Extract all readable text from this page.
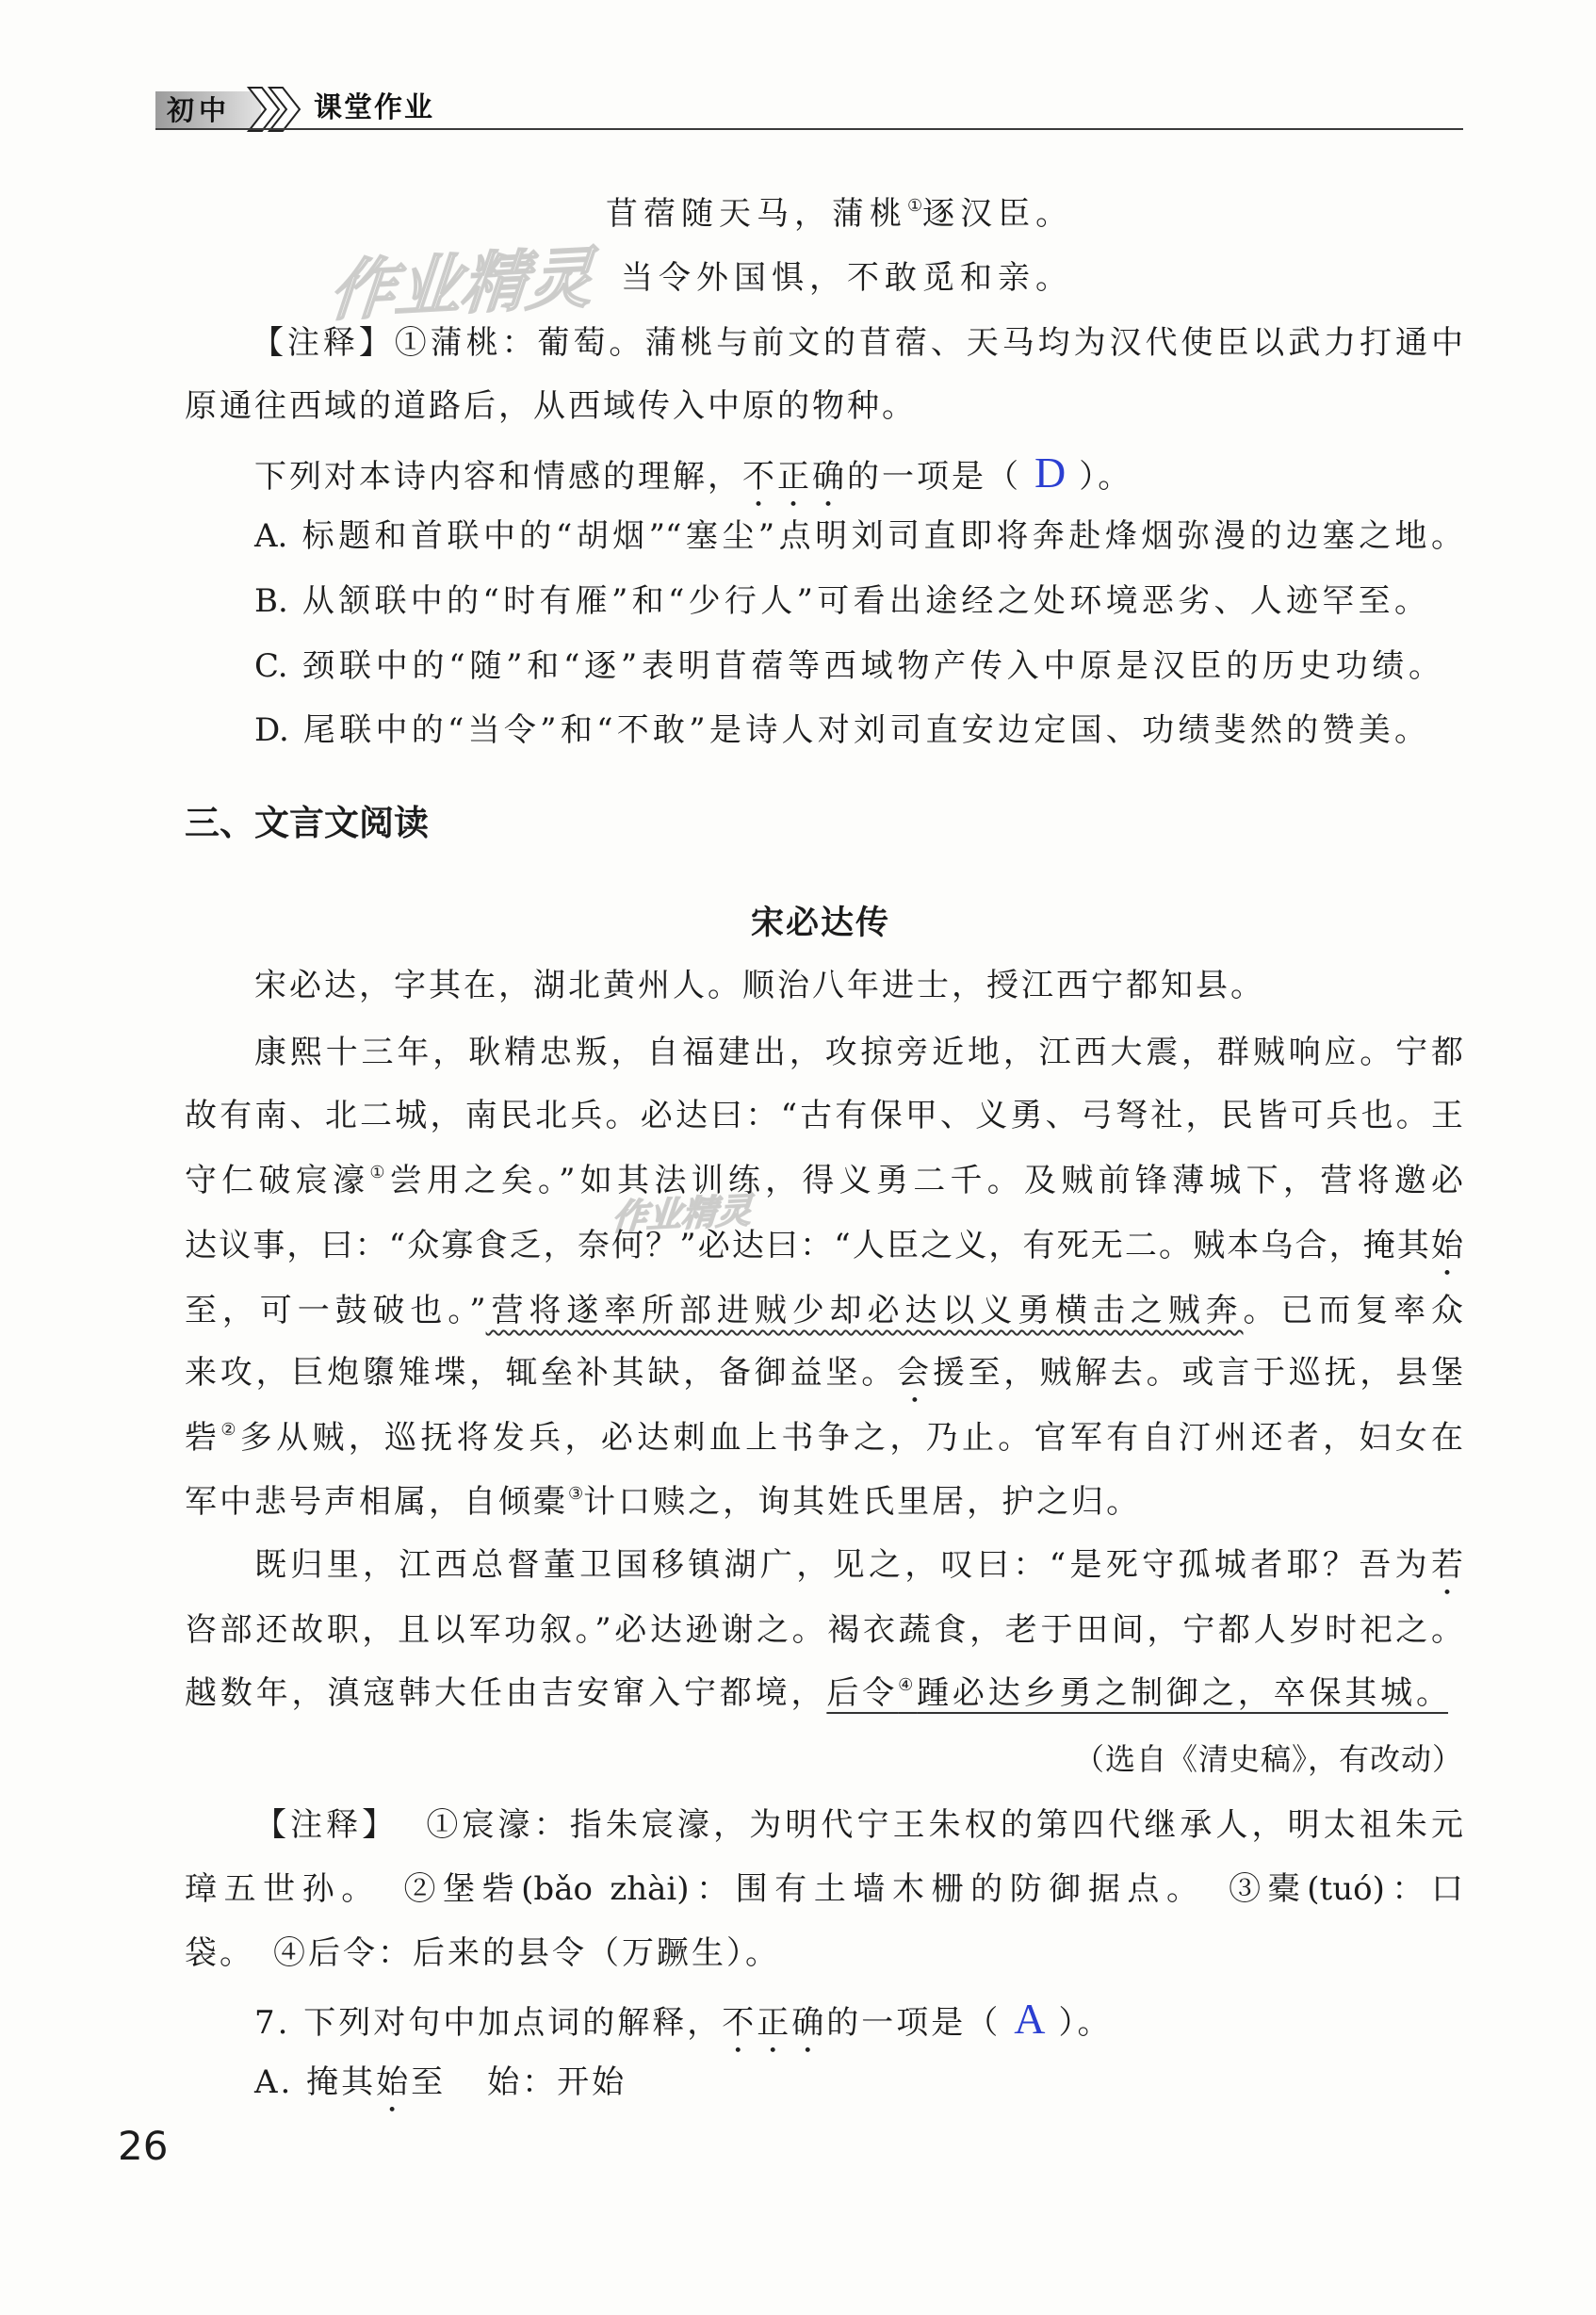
初中	课堂作业
作业精灵
作业精灵
苜蓿随天马，蒲桃①逐汉臣。
当令外国惧，不敢觅和亲。
【注释】①蒲桃：葡萄。蒲桃与前文的苜蓿、天马均为汉代使臣以武力打通中
原通往西域的道路后，从西域传入中原的物种。
下列对本诗内容和情感的理解，不正确的一项是（ D ）。
A. 标题和首联中的“胡烟”“塞尘”点明刘司直即将奔赴烽烟弥漫的边塞之地。
B. 从颔联中的“时有雁”和“少行人”可看出途经之处环境恶劣、人迹罕至。
C. 颈联中的“随”和“逐”表明苜蓿等西域物产传入中原是汉臣的历史功绩。
D. 尾联中的“当令”和“不敢”是诗人对刘司直安边定国、功绩斐然的赞美。
三、文言文阅读
宋必达传
宋必达，字其在，湖北黄州人。顺治八年进士，授江西宁都知县。
康熙十三年，耿精忠叛，自福建出，攻掠旁近地，江西大震，群贼响应。宁都
故有南、北二城，南民北兵。必达曰：“古有保甲、义勇、弓弩社，民皆可兵也。王
守仁破宸濠①尝用之矣。”如其法训练，得义勇二千。及贼前锋薄城下，营将邀必
达议事，曰：“众寡食乏，奈何？”必达曰：“人臣之义，有死无二。贼本乌合，掩其始
至，可一鼓破也。”营将遂率所部进贼少却必达以义勇横击之贼奔。已而复率众
来攻，巨炮隳雉堞，辄垒补其缺，备御益坚。会援至，贼解去。或言于巡抚，县堡
砦②多从贼，巡抚将发兵，必达刺血上书争之，乃止。官军有自汀州还者，妇女在
军中悲号声相属，自倾橐③计口赎之，询其姓氏里居，护之归。
既归里，江西总督董卫国移镇湖广，见之，叹曰：“是死守孤城者耶？吾为若
咨部还故职，且以军功叙。”必达逊谢之。褐衣蔬食，老于田间，宁都人岁时祀之。
越数年，滇寇韩大任由吉安窜入宁都境，后令④踵必达乡勇之制御之，卒保其城。
（选自《清史稿》，有改动）
【注释】 ①宸濠：指朱宸濠，为明代宁王朱权的第四代继承人，明太祖朱元
璋五世孙。　②堡砦(bǎo zhài)：围有土墙木栅的防御据点。　③橐(tuó)：口
袋。　④后令：后来的县令（万蹶生）。
7. 下列对句中加点词的解释，不正确的一项是（ A ）。
A. 掩其始至 始：开始
26
